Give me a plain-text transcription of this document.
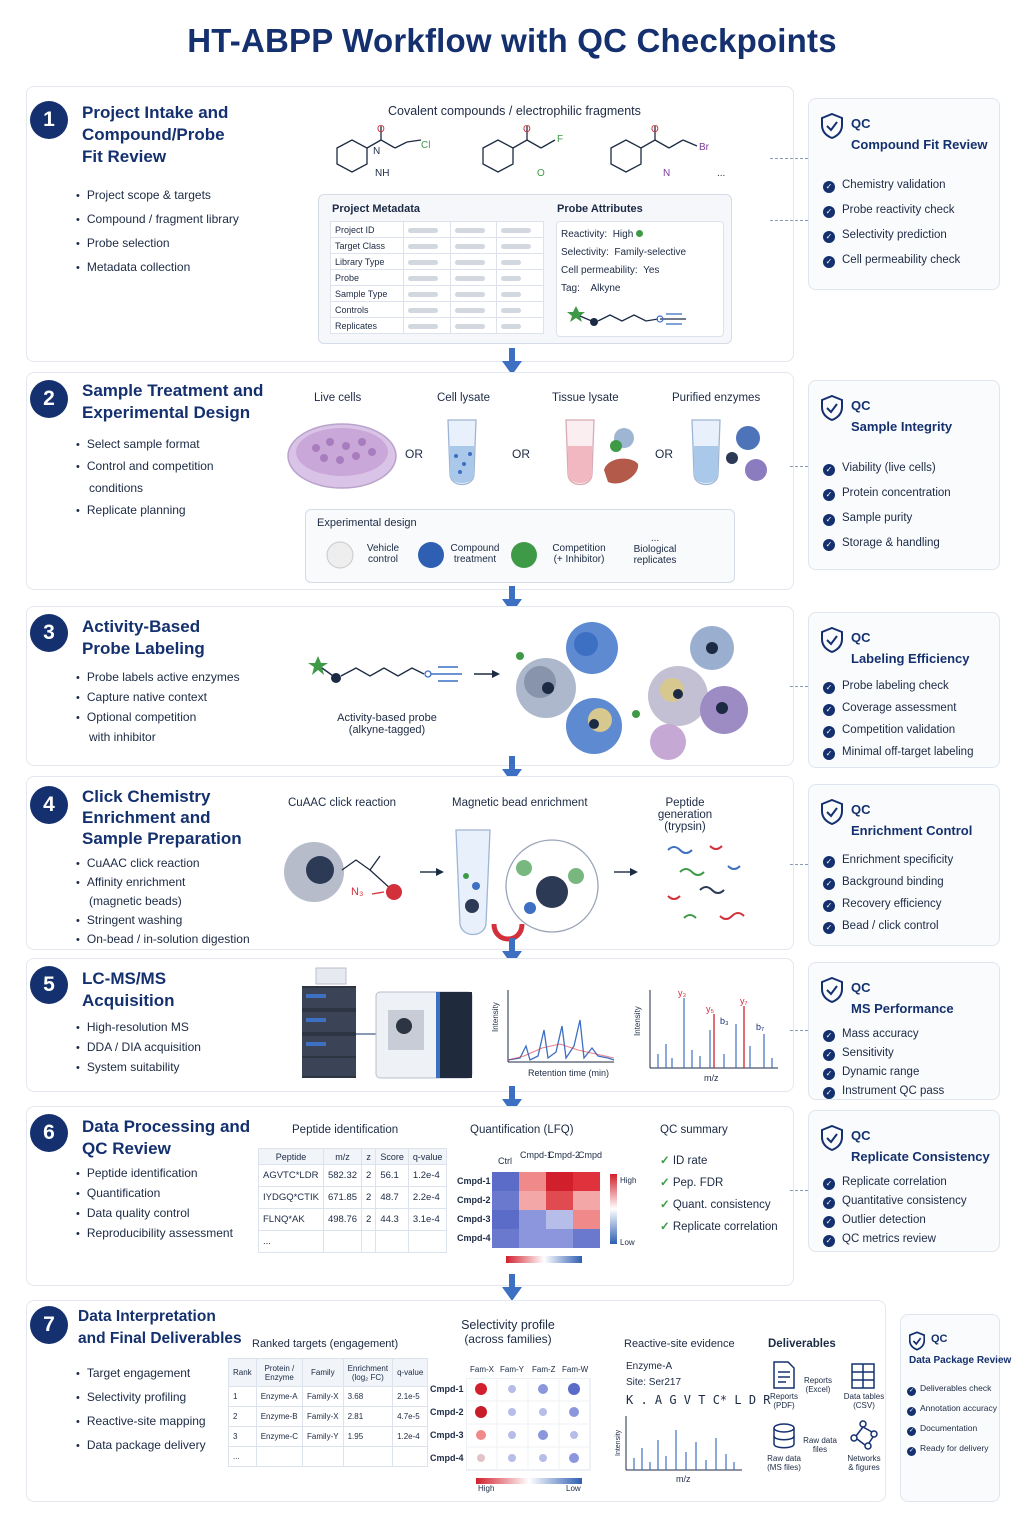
HT-ABPP Workflow with QC Checkpoints
1	Project Intake and
Compound/Probe
Fit Review
• Project scope & targets
• Compound / fragment library
• Probe selection
• Metadata collection
Covalent compounds / electrophilic fragments
O
N
NH
Cl
O
O
F
O
N
Br
...
Project Metadata
Project ID			
Target Class			
Library Type			
Probe			
Sample Type			
Controls			
Replicates			
Probe Attributes
Reactivity: High
Selectivity: Family-selective
Cell permeability: Yes
Tag: Alkyne
QC
Compound Fit Review
✓ Chemistry validation
✓ Probe reactivity check
✓ Selectivity prediction
✓ Cell permeability check
2	Sample Treatment and
Experimental Design
• Select sample format
• Control and competition
conditions
• Replicate planning
Live cells	Cell lysate	Tissue lysate	Purified enzymes
OR	OR	OR
Experimental design
Vehicle
control
Compound
treatment
Competition
(+ Inhibitor)
...
Biological
replicates
QC
Sample Integrity
✓ Viability (live cells)
✓ Protein concentration
✓ Sample purity
✓ Storage & handling
3	Activity-Based
Probe Labeling
• Probe labels active enzymes
• Capture native context
• Optional competition
with inhibitor
Activity-based probe
(alkyne-tagged)
QC
Labeling Efficiency
✓ Probe labeling check
✓ Coverage assessment
✓ Competition validation
✓ Minimal off-target labeling
4	Click Chemistry
Enrichment and
Sample Preparation
• CuAAC click reaction
• Affinity enrichment
(magnetic beads)
• Stringent washing
• On-bead / in-solution digestion
CuAAC click reaction	Magnetic bead enrichment	Peptide generation
(trypsin)
N₃
QC
Enrichment Control
✓ Enrichment specificity
✓ Background binding
✓ Recovery efficiency
✓ Bead / click control
5	LC-MS/MS
Acquisition
• High-resolution MS
• DDA / DIA acquisition
• System suitability
Intensity
Retention time (min)
y₃
y₅
y₇
b₃
b₇
Intensity
m/z
QC
MS Performance
✓ Mass accuracy
✓ Sensitivity
✓ Dynamic range
✓ Instrument QC pass
6	Data Processing and
QC Review
• Peptide identification
• Quantification
• Data quality control
• Reproducibility assessment
Peptide identification
Peptide	m/z	z	Score	q-value
AGVTC*LDR	582.32	2	56.1	1.2e-4
IYDGQ*CTIK	671.85	2	48.7	2.2e-4
FLNQ*AK	498.76	2	44.3	3.1e-4
...				
Quantification (LFQ)
Ctrl
Cmpd-1
Cmpd-2
Cmpd
Cmpd-1
Cmpd-2
Cmpd-3
Cmpd-4
High
Low
QC summary
✓ ID rate
✓ Pep. FDR
✓ Quant. consistency
✓ Replicate correlation
QC
Replicate Consistency
✓ Replicate correlation
✓ Quantitative consistency
✓ Outlier detection
✓ QC metrics review
7	Data Interpretation
and Final Deliverables
• Target engagement
• Selectivity profiling
• Reactive-site mapping
• Data package delivery
Ranked targets (engagement)
Rank	Protein / Enzyme	Family	Enrichment (log₂ FC)	q-value
1	Enzyme-A	Family-X	3.68	2.1e-5
2	Enzyme-B	Family-X	2.81	4.7e-5
3	Enzyme-C	Family-Y	1.95	1.2e-4
...				
Selectivity profile
(across families)
Fam-X Fam-Y Fam-Z Fam-W
Cmpd-1
Cmpd-2
Cmpd-3
Cmpd-4
High	Low
Reactive-site evidence
Enzyme-A
Site: Ser217
K . A G V T C* L D R
Intensity
m/z
Deliverables
Reports
(PDF)
Reports
(Excel)
Data tables
(CSV)
Raw data
(MS files)
Raw data
files
Networks
& figures
QC
Data Package Review
✓ Deliverables check
✓ Annotation accuracy
✓ Documentation
✓ Ready for delivery
